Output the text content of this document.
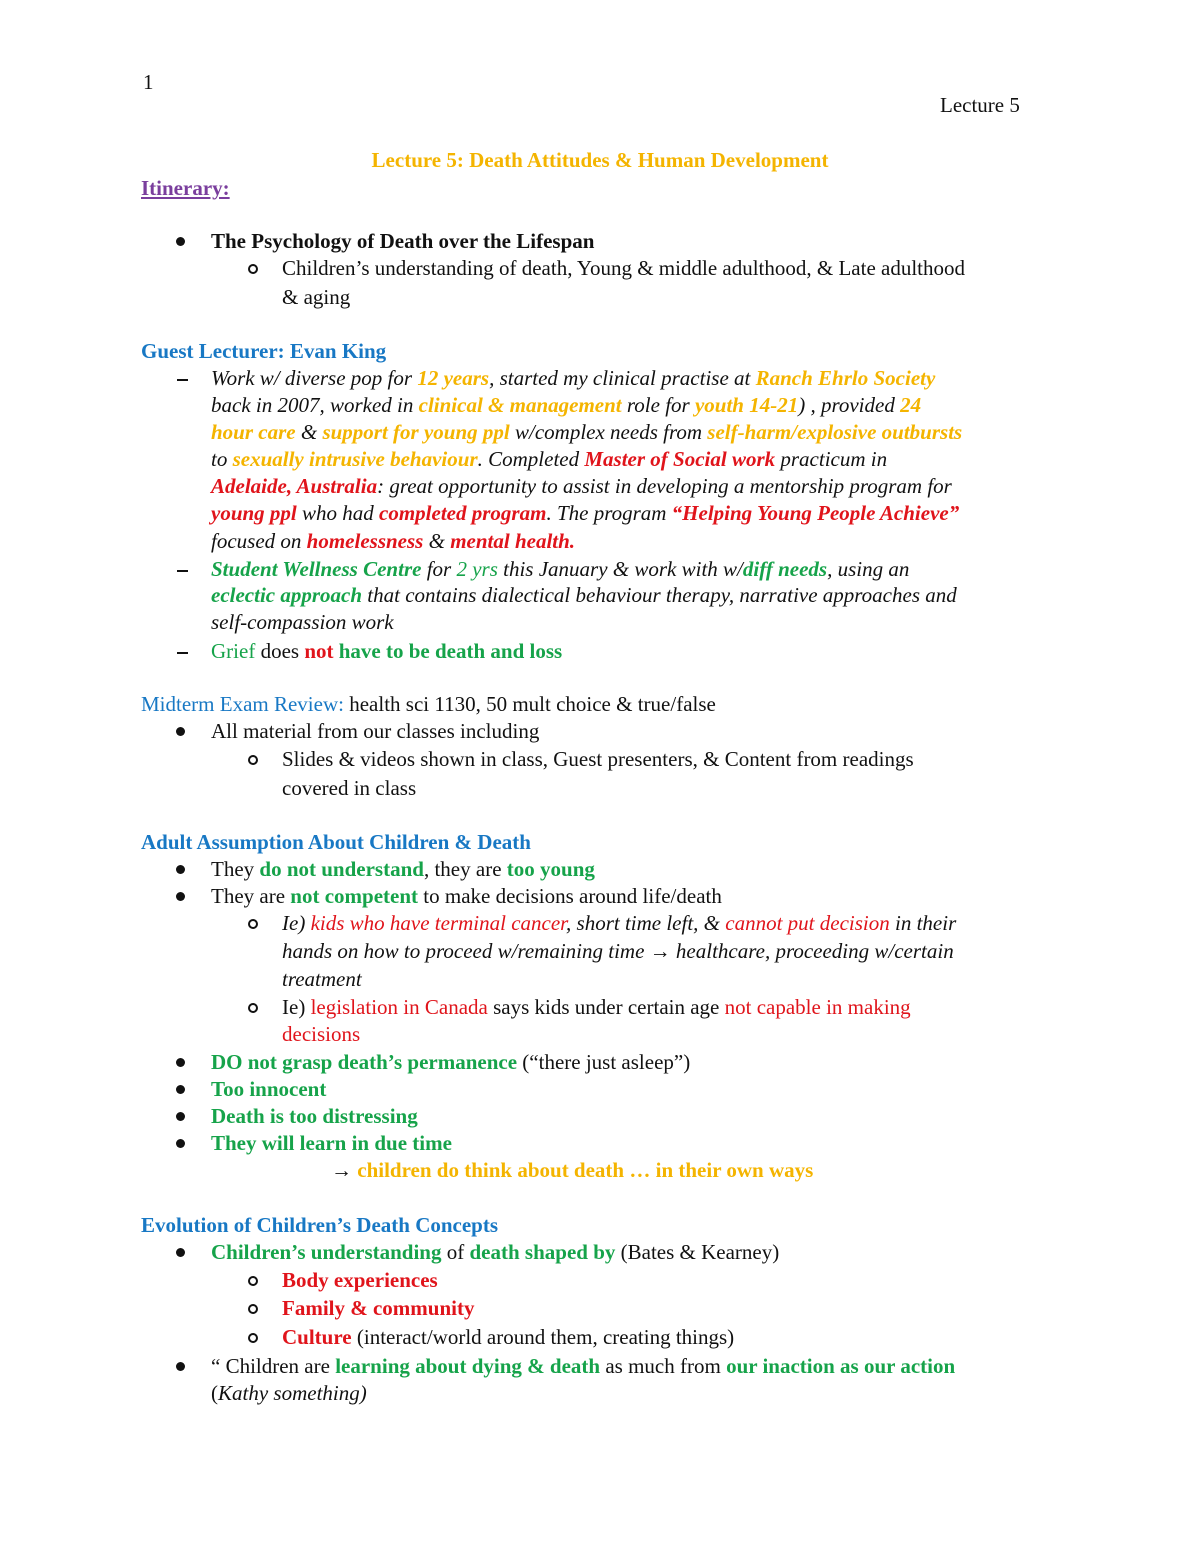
1
Lecture 5
Lecture 5: Death Attitudes & Human Development
Itinerary:
The Psychology of Death over the Lifespan
Children’s understanding of death, Young & middle adulthood, & Late adulthood
& aging
Guest Lecturer: Evan King
Work w/ diverse pop for 12 years, started my clinical practise at Ranch Ehrlo Society
back in 2007, worked in clinical & management role for youth 14-21) , provided 24
hour care & support for young ppl w/complex needs from self-harm/explosive outbursts
to sexually intrusive behaviour. Completed Master of Social work practicum in
Adelaide, Australia: great opportunity to assist in developing a mentorship program for
young ppl who had completed program. The program “Helping Young People Achieve”
focused on homelessness & mental health.
Student Wellness Centre for 2 yrs this January & work with w/diff needs, using an
eclectic approach that contains dialectical behaviour therapy, narrative approaches and
self-compassion work
Grief does not have to be death and loss
Midterm Exam Review: health sci 1130, 50 mult choice & true/false
All material from our classes including
Slides & videos shown in class, Guest presenters, & Content from readings
covered in class
Adult Assumption About Children & Death
They do not understand, they are too young
They are not competent to make decisions around life/death
Ie) kids who have terminal cancer, short time left, & cannot put decision in their
hands on how to proceed w/remaining time → healthcare, proceeding w/certain
treatment
Ie) legislation in Canada says kids under certain age not capable in making
decisions
DO not grasp death’s permanence (“there just asleep”)
Too innocent
Death is too distressing
They will learn in due time
→ children do think about death … in their own ways
Evolution of Children’s Death Concepts
Children’s understanding of death shaped by (Bates & Kearney)
Body experiences
Family & community
Culture (interact/world around them, creating things)
“ Children are learning about dying & death as much from our inaction as our action
(Kathy something)
